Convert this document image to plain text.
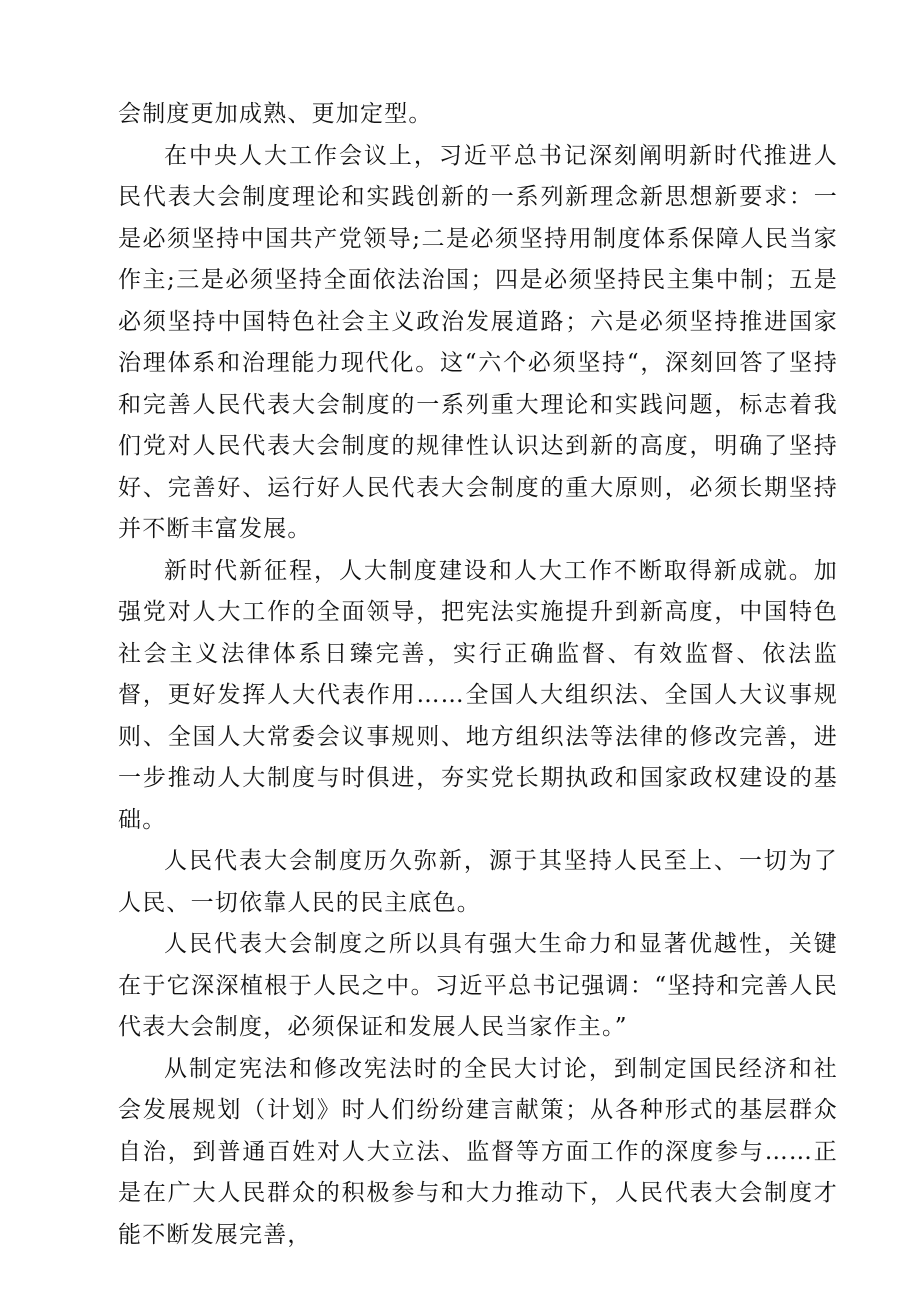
会制度更加成熟、更加定型。

在中央人大工作会议上，习近平总书记深刻阐明新时代推进人民代表大会制度理论和实践创新的一系列新理念新思想新要求：一是必须坚持中国共产党领导;二是必须坚持用制度体系保障人民当家作主;三是必须坚持全面依法治国；四是必须坚持民主集中制；五是必须坚持中国特色社会主义政治发展道路；六是必须坚持推进国家治理体系和治理能力现代化。这“六个必须坚持“，深刻回答了坚持和完善人民代表大会制度的一系列重大理论和实践问题，标志着我们党对人民代表大会制度的规律性认识达到新的高度，明确了坚持好、完善好、运行好人民代表大会制度的重大原则，必须长期坚持并不断丰富发展。

新时代新征程，人大制度建设和人大工作不断取得新成就。加强党对人大工作的全面领导，把宪法实施提升到新高度，中国特色社会主义法律体系日臻完善，实行正确监督、有效监督、依法监督，更好发挥人大代表作用……全国人大组织法、全国人大议事规则、全国人大常委会议事规则、地方组织法等法律的修改完善，进一步推动人大制度与时俱进，夯实党长期执政和国家政权建设的基础。

人民代表大会制度历久弥新，源于其坚持人民至上、一切为了人民、一切依靠人民的民主底色。

人民代表大会制度之所以具有强大生命力和显著优越性，关键在于它深深植根于人民之中。习近平总书记强调：“坚持和完善人民代表大会制度，必须保证和发展人民当家作主。”

从制定宪法和修改宪法时的全民大讨论，到制定国民经济和社会发展规划（计划》时人们纷纷建言献策；从各种形式的基层群众自治，到普通百姓对人大立法、监督等方面工作的深度参与……正是在广大人民群众的积极参与和大力推动下，人民代表大会制度才能不断发展完善，
